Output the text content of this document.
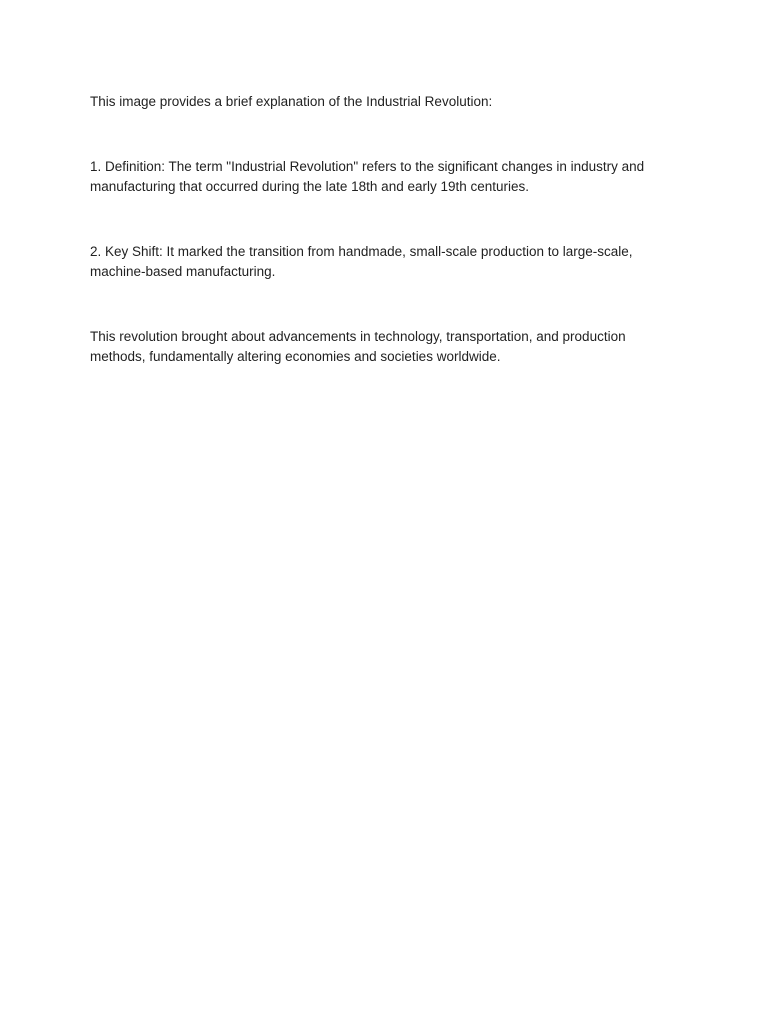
This image provides a brief explanation of the Industrial Revolution:

1. Definition: The term "Industrial Revolution" refers to the significant changes in industry and manufacturing that occurred during the late 18th and early 19th centuries.

2. Key Shift: It marked the transition from handmade, small-scale production to large-scale, machine-based manufacturing.

This revolution brought about advancements in technology, transportation, and production methods, fundamentally altering economies and societies worldwide.
